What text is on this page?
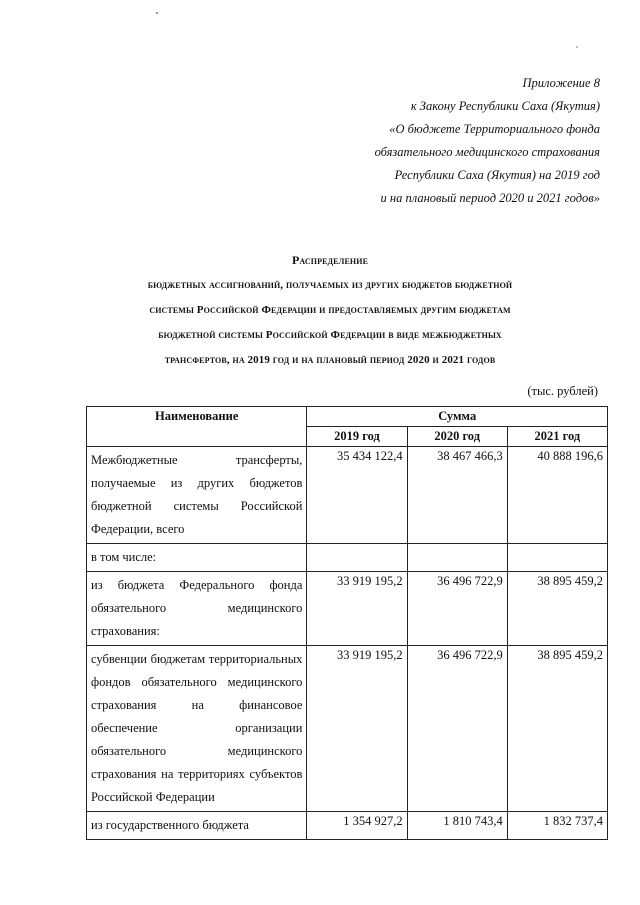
Приложение 8
к Закону Республики Саха (Якутия)
«О бюджете Территориального фонда
обязательного медицинского страхования
Республики Саха (Якутия) на 2019 год
и на плановый период 2020 и 2021 годов»
Распределение
бюджетных ассигнований, получаемых из других бюджетов бюджетной
системы Российской Федерации и предоставляемых другим бюджетам
бюджетной системы Российской Федерации в виде межбюджетных
трансфертов, на 2019 год и на плановый период 2020 и 2021 годов
(тыс. рублей)
Наименование	Сумма		
	2019 год	2020 год	2021 год
Межбюджетные трансферты, получаемые из других бюджетов бюджетной системы Российской Федерации, всего	35 434 122,4	38 467 466,3	40 888 196,6
в том числе:			
из бюджета Федерального фонда обязательного медицинского страхования:	33 919 195,2	36 496 722,9	38 895 459,2
субвенции бюджетам территориальных фондов обязательного медицинского страхования на финансовое обеспечение организации обязательного медицинского страхования на территориях субъектов Российской Федерации	33 919 195,2	36 496 722,9	38 895 459,2
из государственного бюджета	1 354 927,2	1 810 743,4	1 832 737,4
